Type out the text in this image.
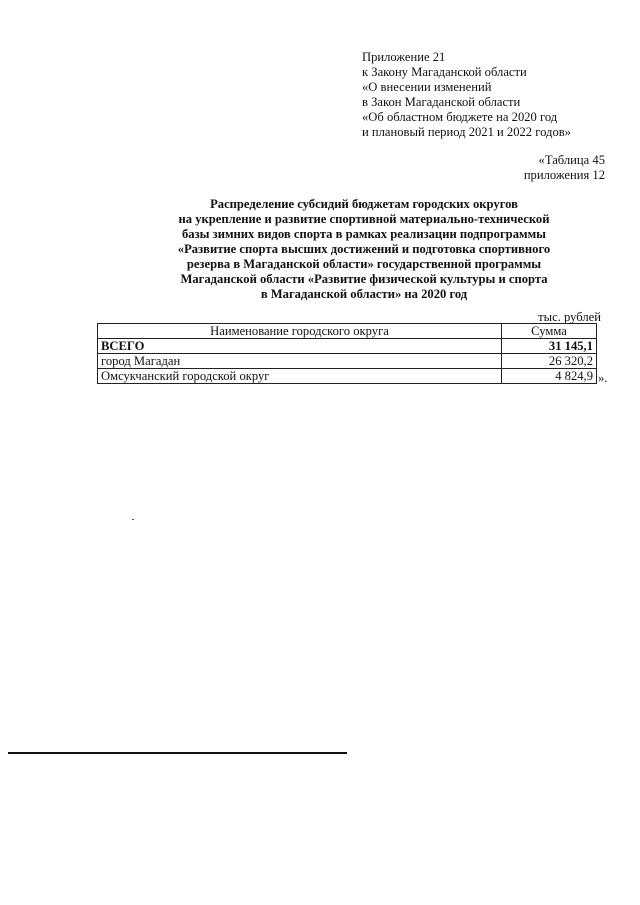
Приложение 21
к Закону Магаданской области
«О внесении изменений
в Закон Магаданской области
«Об областном бюджете на 2020 год
и плановый период 2021 и 2022 годов»
«Таблица 45
приложения 12
Распределение субсидий бюджетам городских округов
на укрепление и развитие спортивной материально-технической
базы зимних видов спорта в рамках реализации подпрограммы
«Развитие спорта высших достижений и подготовка спортивного
резерва в Магаданской области» государственной программы
Магаданской области «Развитие физической культуры и спорта
в Магаданской области» на 2020 год
тыс. рублей
Наименование городского округа	Сумма
ВСЕГО	31 145,1
город Магадан	26 320,2
Омсукчанский городской округ	4 824,9 ».
